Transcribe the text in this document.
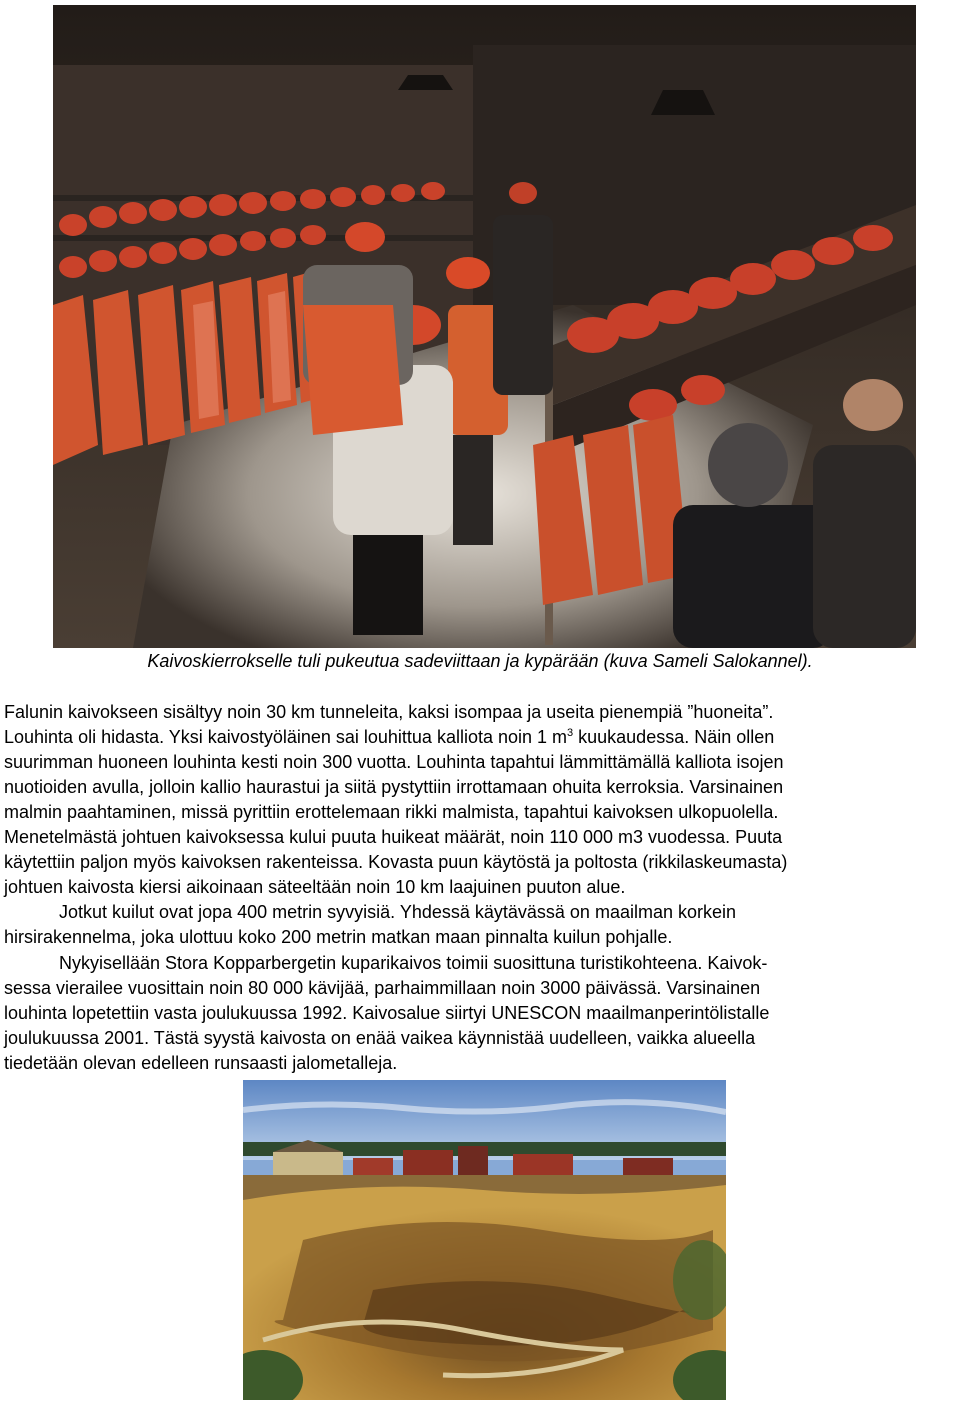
Kaivoskierrokselle tuli pukeutua sadeviittaan ja kypärään (kuva Sameli Salokannel).
Falunin kaivokseen sisältyy noin 30 km tunneleita, kaksi isompaa ja useita pienempiä ”huoneita”.
Louhinta oli hidasta. Yksi kaivostyöläinen sai louhittua kalliota noin 1 $m^3$ kuukaudessa. Näin ollen
suurimman huoneen louhinta kesti noin 300 vuotta. Louhinta tapahtui lämmittämällä kalliota isojen
nuotioiden avulla, jolloin kallio haurastui ja siitä pystyttiin irrottamaan ohuita kerroksia. Varsinainen
malmin paahtaminen, missä pyrittiin erottelemaan rikki malmista, tapahtui kaivoksen ulkopuolella.
Menetelmästä johtuen kaivoksessa kului puuta huikeat määrät, noin 110 000 m3 vuodessa. Puuta
käytettiin paljon myös kaivoksen rakenteissa. Kovasta puun käytöstä ja poltosta (rikkilaskeumasta)
johtuen kaivosta kiersi aikoinaan säteeltään noin 10 km laajuinen puuton alue.
Jotkut kuilut ovat jopa 400 metrin syvyisiä. Yhdessä käytävässä on maailman korkein
hirsirakennelma, joka ulottuu koko 200 metrin matkan maan pinnalta kuilun pohjalle.
Nykyisellään Stora Kopparbergetin kuparikaivos toimii suosittuna turistikohteena. Kaivok-
sessa vierailee vuosittain noin 80 000 kävijää, parhaimmillaan noin 3000 päivässä. Varsinainen
louhinta lopetettiin vasta joulukuussa 1992. Kaivosalue siirtyi UNESCON maailmanperintölistalle
joulukuussa 2001. Tästä syystä kaivosta on enää vaikea käynnistää uudelleen, vaikka alueella
tiedetään olevan edelleen runsaasti jalometalleja.
